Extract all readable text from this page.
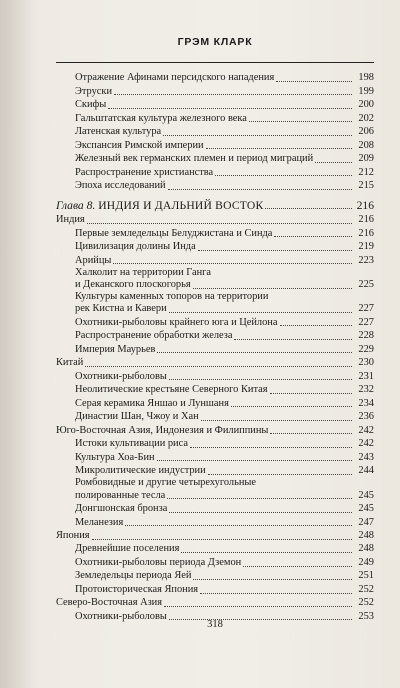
ГРЭМ КЛАРК
Отражение Афинами персидского нападения	198
Этруски	199
Скифы	200
Гальштатская культура железного века	202
Латенская культура	206
Экспансия Римской империи	208
Железный век германских племен и период миграций	209
Распространение христианства	212
Эпоха исследований	215
Глава 8. ИНДИЯ И ДАЛЬНИЙ ВОСТОК	216
Индия	216
Первые земледельцы Белуджистана и Синда	216
Цивилизация долины Инда	219
Арийцы	223
Халколит на территории Ганга
и Деканского плоскогорья	225
Культуры каменных топоров на территории
рек Кистна и Кавери	227
Охотники-рыболовы крайнего юга и Цейлона	227
Распространение обработки железа	228
Империя Маурьев	229
Китай	230
Охотники-рыболовы	231
Неолитические крестьяне Северного Китая	232
Серая керамика Яншао и Луншаня	234
Династии Шан, Чжоу и Хан	236
Юго-Восточная Азия, Индонезия и Филиппины	242
Истоки культивации риса	242
Культура Хоа-Бин	243
Микролитические индустрии	244
Ромбовидные и другие четырехугольные
полированные тесла	245
Донгшонская бронза	245
Меланезия	247
Япония	248
Древнейшие поселения	248
Охотники-рыболовы периода Дземон	249
Земледельцы периода Яей	251
Протоисторическая Япония	252
Северо-Восточная Азия	252
Охотники-рыболовы	253
318
